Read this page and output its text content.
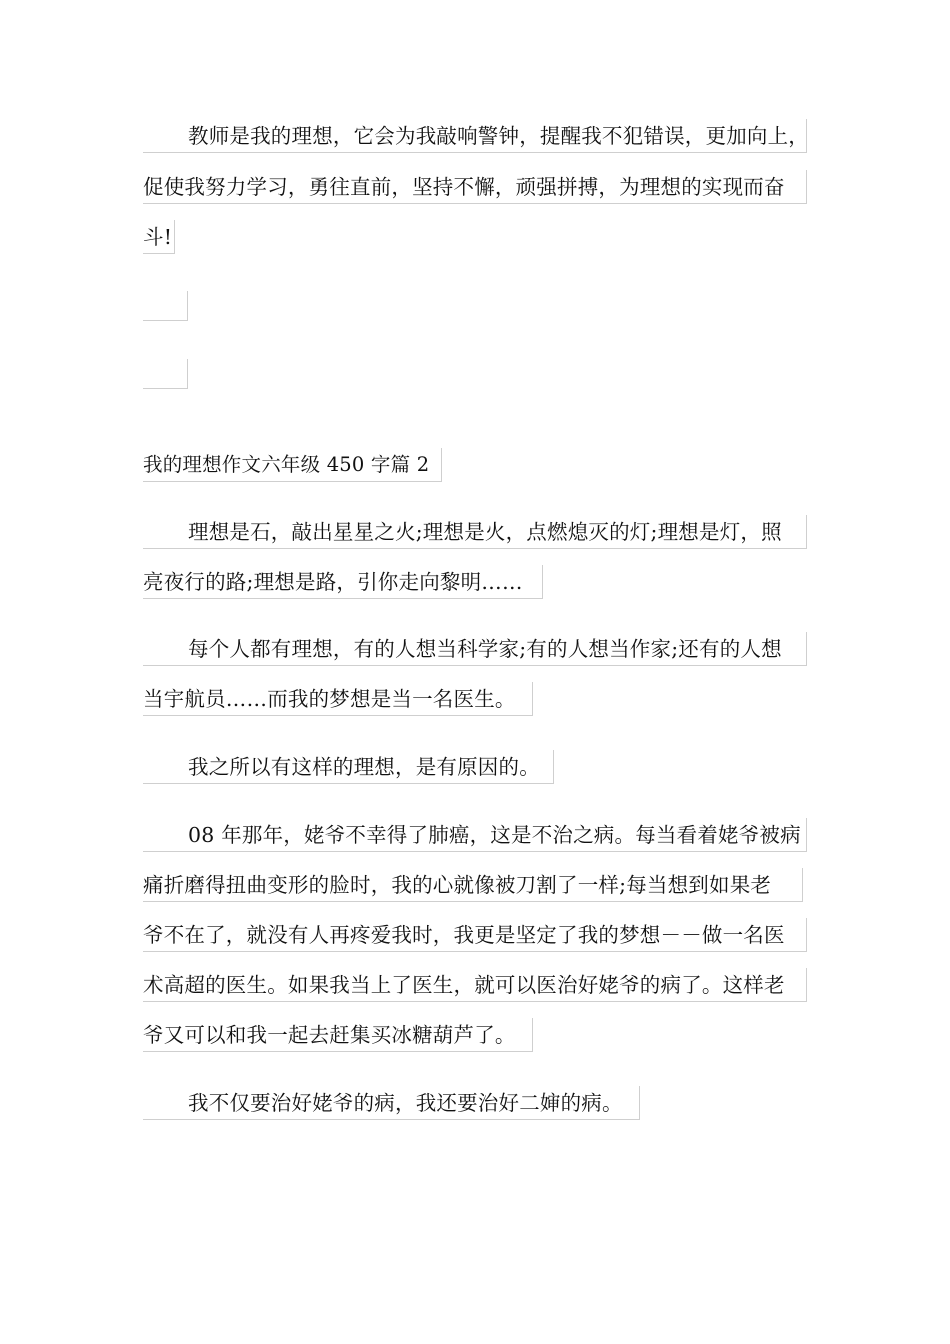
教师是我的理想，它会为我敲响警钟，提醒我不犯错误，更加向上，
促使我努力学习，勇往直前，坚持不懈，顽强拼搏，为理想的实现而奋
斗!
我的理想作文六年级 450 字篇 2
理想是石，敲出星星之火;理想是火，点燃熄灭的灯;理想是灯，照
亮夜行的路;理想是路，引你走向黎明……
每个人都有理想，有的人想当科学家;有的人想当作家;还有的人想
当宇航员……而我的梦想是当一名医生。
我之所以有这样的理想，是有原因的。
08 年那年，姥爷不幸得了肺癌，这是不治之病。每当看着姥爷被病
痛折磨得扭曲变形的脸时，我的心就像被刀割了一样;每当想到如果老
爷不在了，就没有人再疼爱我时，我更是坚定了我的梦想－－做一名医
术高超的医生。如果我当上了医生，就可以医治好姥爷的病了。这样老
爷又可以和我一起去赶集买冰糖葫芦了。
我不仅要治好姥爷的病，我还要治好二婶的病。
